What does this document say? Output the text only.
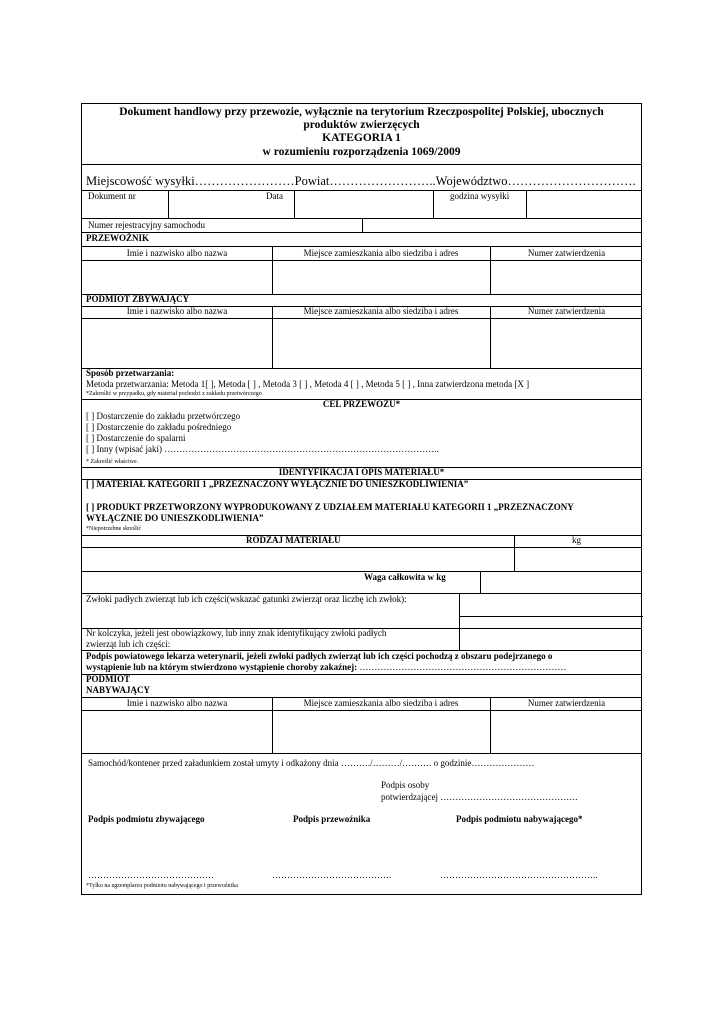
Dokument handlowy przy przewozie, wyłącznie na terytorium Rzeczpospolitej Polskiej, ubocznych
produktów zwierzęcych
KATEGORIA 1
w rozumieniu rozporządzenia 1069/2009
Miejscowość wysyłki……………………Powiat……………………..Województwo………………………….
Dokument nr	Data	godzina wysyłki
Numer rejestracyjny samochodu
PRZEWOŹNIK
Imie i nazwisko albo nazwa	Miejsce zamieszkania albo siedziba i adres	Numer zatwierdzenia
PODMIOT ZBYWAJĄCY
Imie i nazwisko albo nazwa	Miejsce zamieszkania albo siedziba i adres	Numer zatwierdzenia
Sposób przetwarzania:
Metoda przetwarzania: Metoda 1[ ], Metoda [ ] , Metoda 3 [ ] , Metoda 4 [ ] , Metoda 5 [ ] , Inna zatwierdzona metoda [X ]
*Zakreślić w przypadku, gdy materiał pochodzi z zakładu przetwórczego
CEL PRZEWOZU*
[ ] Dostarczenie do zakładu przetwórczego
[ ] Dostarczenie do zakładu pośredniego
[ ] Dostarczenie do spalarni
[ ] Inny (wpisać jaki) ………………………………………………………………………………..
* Zakreślić właściwe.
IDENTYFIKACJA I OPIS MATERIAŁU*
[ ] MATERIAŁ KATEGORII 1 „PRZEZNACZONY WYŁĄCZNIE DO UNIESZKODLIWIENIA”
[ ] PRODUKT PRZETWORZONY WYPRODUKOWANY Z UDZIAŁEM MATERIAŁU KATEGORII 1 „PRZEZNACZONY
WYŁĄCZNIE DO UNIESZKODLIWIENIA”
*Niepotrzebne skreślić
RODZAJ MATERIAŁU	kg
Waga całkowita w kg
Zwłoki padłych zwierząt lub ich części(wskazać gatunki zwierząt oraz liczbę ich zwłok):
Nr kolczyka, jeżeli jest obowiązkowy, lub inny znak identyfikujący zwłoki padłych
zwierząt lub ich części:
Podpis powiatowego lekarza weterynarii, jeżeli zwłoki padłych zwierząt lub ich części pochodzą z obszaru podejrzanego o
wystąpienie lub na którym stwierdzono wystąpienie choroby zakaźnej: ……………………………………………………………
PODMIOT
NABYWAJĄCY
Imie i nazwisko albo nazwa	Miejsce zamieszkania albo siedziba i adres	Numer zatwierdzenia
Samochód/kontener przed załadunkiem został umyty i odkażony dnia ………./………/………. o godzinie…………………
Podpis osoby
potwierdzającej ……………………………………….
Podpis podmiotu zbywającego	Podpis przewoźnika	Podpis podmiotu nabywającego*
……………………………………	………………………………….	……………………………………………..
*Tylko na egzemplarzu podmiotu nabywającego i przewoźnika
